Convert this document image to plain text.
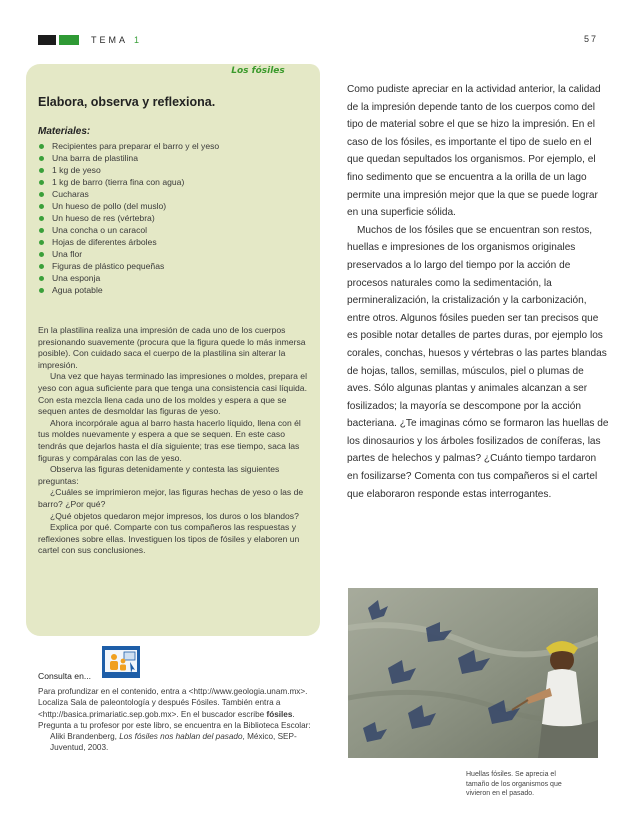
TEMA 1	57
Los fósiles
Elabora, observa y reflexiona.
Materiales:
Recipientes para preparar el barro y el yeso
Una barra de plastilina
1 kg de yeso
1 kg de barro (tierra fina con agua)
Cucharas
Un hueso de pollo (del muslo)
Un hueso de res (vértebra)
Una concha o un caracol
Hojas de diferentes árboles
Una flor
Figuras de plástico pequeñas
Una esponja
Agua potable

En la plastilina realiza una impresión de cada uno de los cuerpos presionando suavemente (procura que la figura quede lo más inmersa posible). Con cuidado saca el cuerpo de la plastilina sin alterar la impresión.

Una vez que hayas terminado las impresiones o moldes, prepara el yeso con agua suficiente para que tenga una consistencia casi líquida. Con esta mezcla llena cada uno de los moldes y espera a que se sequen antes de desmoldar las figuras de yeso.

Ahora incorpórale agua al barro hasta hacerlo líquido, llena con él tus moldes nuevamente y espera a que se sequen. En este caso tendrás que dejarlos hasta el día siguiente; tras ese tiempo, saca las figuras y compáralas con las de yeso.

Observa las figuras detenidamente y contesta las siguientes preguntas:

¿Cuáles se imprimieron mejor, las figuras hechas de yeso o las de barro? ¿Por qué?

¿Qué objetos quedaron mejor impresos, los duros o los blandos?

Explica por qué. Comparte con tus compañeros las respuestas y reflexiones sobre ellas. Investiguen los tipos de fósiles y elaboren un cartel con sus conclusiones.

Consulta en...

Para profundizar en el contenido, entra a <http://www.geologia.unam.mx>. Localiza Sala de paleontología y después Fósiles. También entra a <http://basica.primariatic.sep.gob.mx>. En el buscador escribe fósiles.

Pregunta a tu profesor por este libro, se encuentra en la Biblioteca Escolar:

Aliki Brandenberg, Los fósiles nos hablan del pasado, México, SEP-Juventud, 2003.

Como pudiste apreciar en la actividad anterior, la calidad de la impresión depende tanto de los cuerpos como del tipo de material sobre el que se hizo la impresión. En el caso de los fósiles, es importante el tipo de suelo en el que quedan sepultados los organismos. Por ejemplo, el fino sedimento que se encuentra a la orilla de un lago permite una impresión mejor que la que se puede lograr en una superficie sólida.

Muchos de los fósiles que se encuentran son restos, huellas e impresiones de los organismos originales preservados a lo largo del tiempo por la acción de procesos naturales como la sedimentación, la permineralización, la cristalización y la carbonización, entre otros. Algunos fósiles pueden ser tan precisos que es posible notar detalles de partes duras, por ejemplo los corales, conchas, huesos y vértebras o las partes blandas de hojas, tallos, semillas, músculos, piel o plumas de aves. Sólo algunas plantas y animales alcanzan a ser fosilizados; la mayoría se descompone por la acción bacteriana. ¿Te imaginas cómo se formaron las huellas de los dinosaurios y los árboles fosilizados de coníferas, las partes de helechos y palmas? ¿Cuánto tiempo tardaron en fosilizarse? Comenta con tus compañeros si el cartel que elaboraron responde estas interrogantes.

Huellas fósiles. Se aprecia el
tamaño de los organismos que
vivieron en el pasado.
